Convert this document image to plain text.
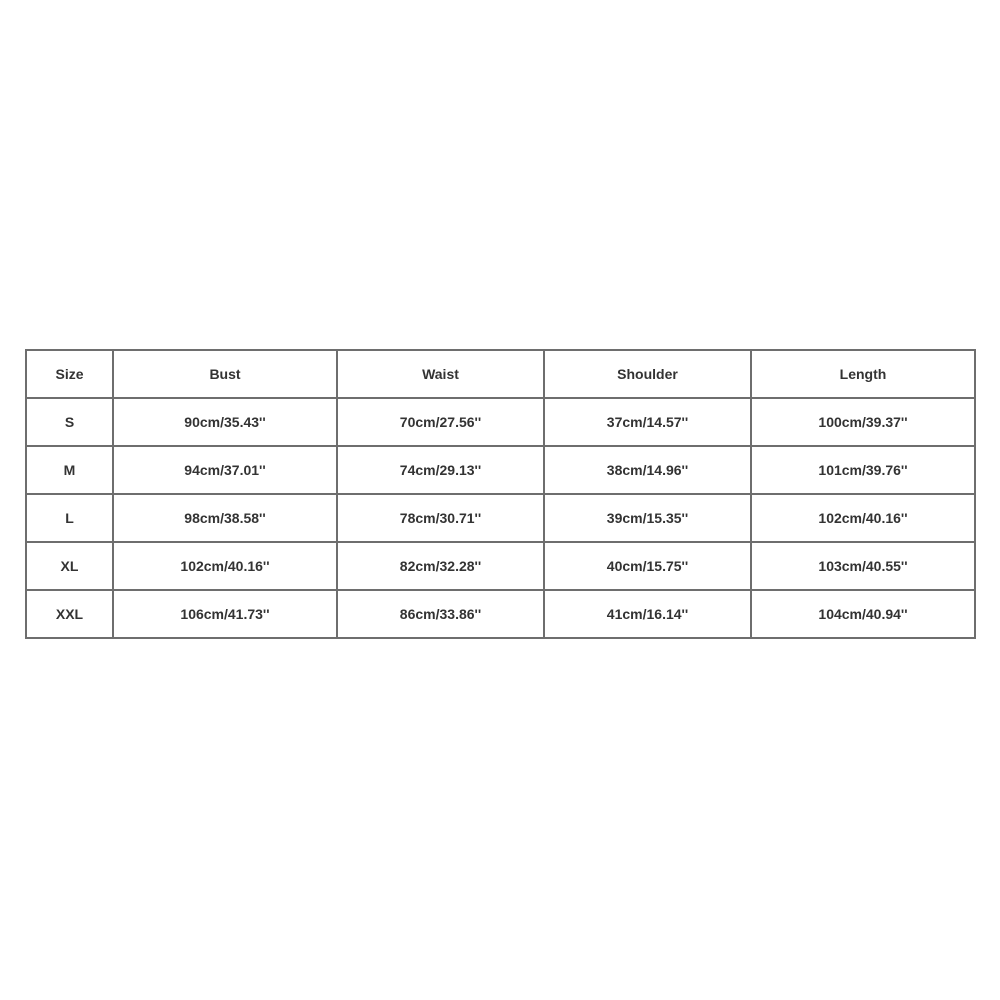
Size	Bust	Waist	Shoulder	Length
S	90cm/35.43''	70cm/27.56''	37cm/14.57''	100cm/39.37''
M	94cm/37.01''	74cm/29.13''	38cm/14.96''	101cm/39.76''
L	98cm/38.58''	78cm/30.71''	39cm/15.35''	102cm/40.16''
XL	102cm/40.16''	82cm/32.28''	40cm/15.75''	103cm/40.55''
XXL	106cm/41.73''	86cm/33.86''	41cm/16.14''	104cm/40.94''
